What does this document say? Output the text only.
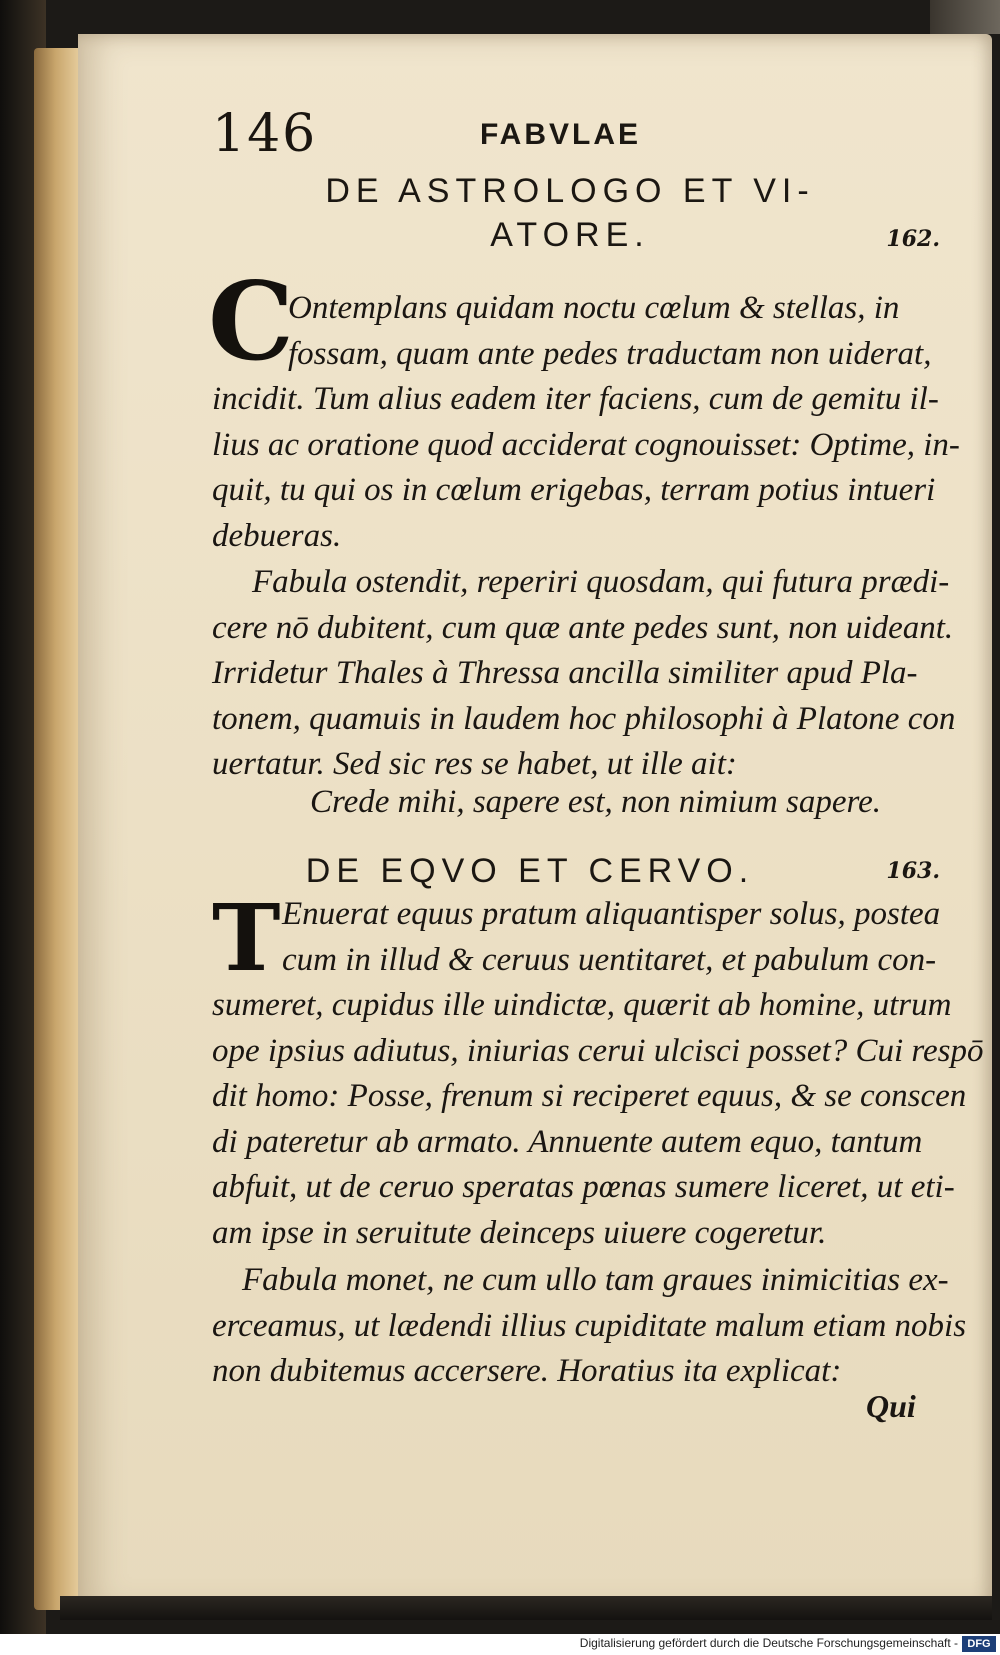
146	FABVLAE
DE ASTROLOGO ET VI-
ATORE.	162.
C
Ontemplans quidam noctu cœlum & stellas, in
fossam, quam ante pedes traductam non uiderat,
incidit. Tum alius eadem iter faciens, cum de gemitu il-
lius ac oratione quod acciderat cognouisset: Optime, in-
quit, tu qui os in cœlum erigebas, terram potius intueri
debueras.
Fabula ostendit, reperiri quosdam, qui futura prædi-
cere nō dubitent, cum quæ ante pedes sunt, non uideant.
Irridetur Thales à Thressa ancilla similiter apud Pla-
tonem, quamuis in laudem hoc philosophi à Platone con
uertatur. Sed sic res se habet, ut ille ait:
Crede mihi, sapere est, non nimium sapere.
DE EQVO ET CERVO.	163.
T Enuerat equus pratum aliquantisper solus, postea
cum in illud & ceruus uentitaret, et pabulum con-
sumeret, cupidus ille uindictæ, quærit ab homine, utrum
ope ipsius adiutus, iniurias cerui ulcisci posset? Cui respō
dit homo: Posse, frenum si reciperet equus, & se conscen
di pateretur ab armato. Annuente autem equo, tantum
abfuit, ut de ceruo speratas pœnas sumere liceret, ut eti-
am ipse in seruitute deinceps uiuere cogeretur.
Fabula monet, ne cum ullo tam graues inimicitias ex-
erceamus, ut lædendi illius cupiditate malum etiam nobis
non dubitemus accersere. Horatius ita explicat:
Qui
Digitalisierung gefördert durch die Deutsche Forschungsgemeinschaft - DFG
